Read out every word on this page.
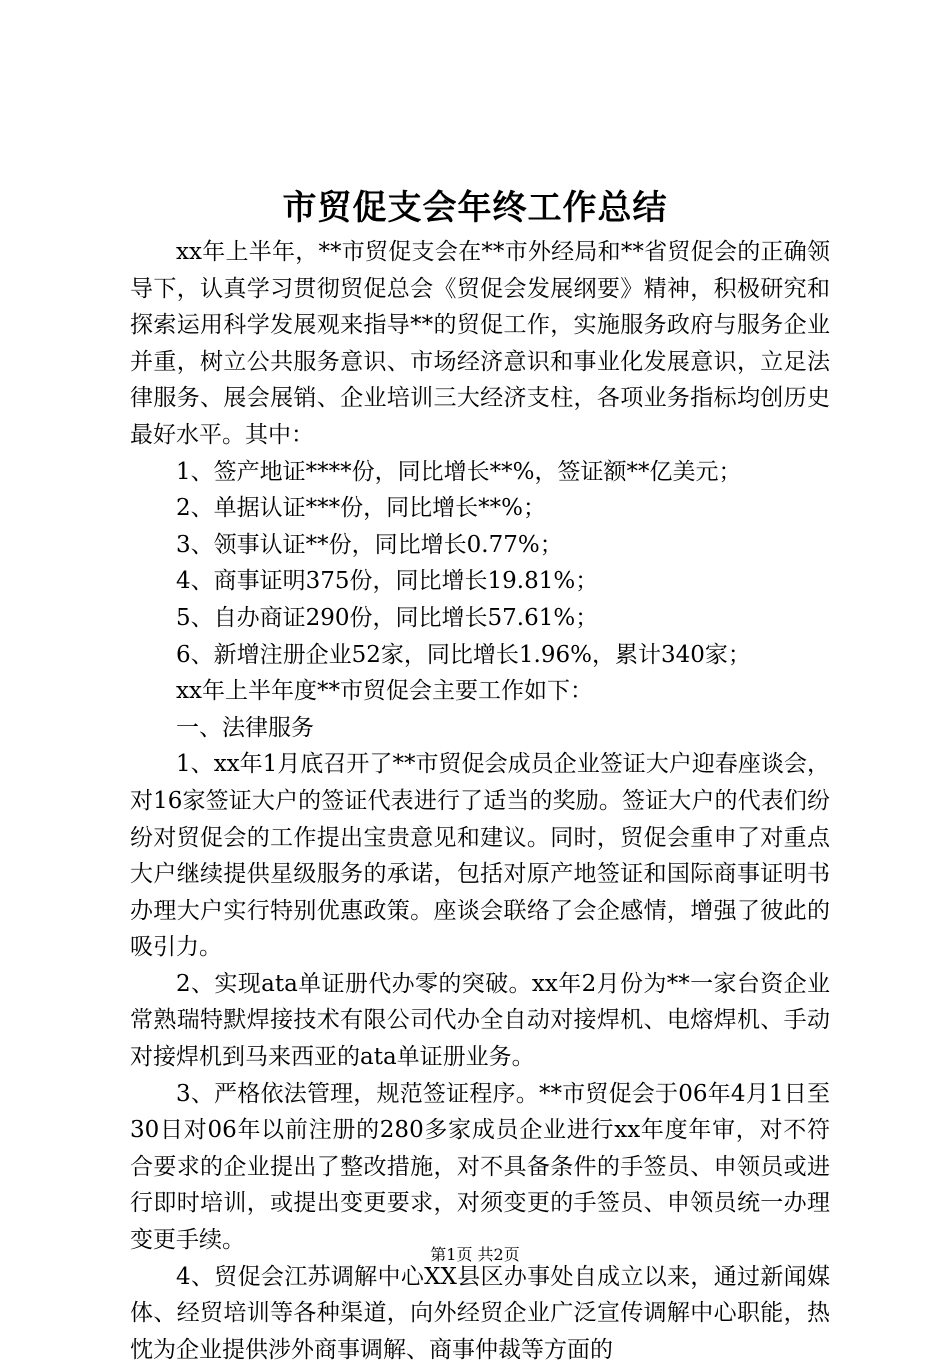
市贸促支会年终工作总结

xx年上半年，**市贸促支会在**市外经局和**省贸促会的正确领导下，认真学习贯彻贸促总会《贸促会发展纲要》精神，积极研究和探索运用科学发展观来指导**的贸促工作，实施服务政府与服务企业并重，树立公共服务意识、市场经济意识和事业化发展意识，立足法律服务、展会展销、企业培训三大经济支柱，各项业务指标均创历史最好水平。其中：

1、签产地证****份，同比增长**%，签证额**亿美元；

2、单据认证***份，同比增长**%；

3、领事认证**份，同比增长0.77%；

4、商事证明375份，同比增长19.81%；

5、自办商证290份，同比增长57.61%；

6、新增注册企业52家，同比增长1.96%，累计340家；

xx年上半年度**市贸促会主要工作如下：

一、法律服务

1、xx年1月底召开了**市贸促会成员企业签证大户迎春座谈会，对16家签证大户的签证代表进行了适当的奖励。签证大户的代表们纷纷对贸促会的工作提出宝贵意见和建议。同时，贸促会重申了对重点大户继续提供星级服务的承诺，包括对原产地签证和国际商事证明书办理大户实行特别优惠政策。座谈会联络了会企感情，增强了彼此的吸引力。

2、实现ata单证册代办零的突破。xx年2月份为**一家台资企业常熟瑞特默焊接技术有限公司代办全自动对接焊机、电熔焊机、手动对接焊机到马来西亚的ata单证册业务。

3、严格依法管理，规范签证程序。**市贸促会于06年4月1日至30日对06年以前注册的280多家成员企业进行xx年度年审，对不符合要求的企业提出了整改措施，对不具备条件的手签员、申领员或进行即时培训，或提出变更要求，对须变更的手签员、申领员统一办理变更手续。

4、贸促会江苏调解中心XX县区办事处自成立以来，通过新闻媒体、经贸培训等各种渠道，向外经贸企业广泛宣传调解中心职能，热忱为企业提供涉外商事调解、商事仲裁等方面的

第1页 共2页
